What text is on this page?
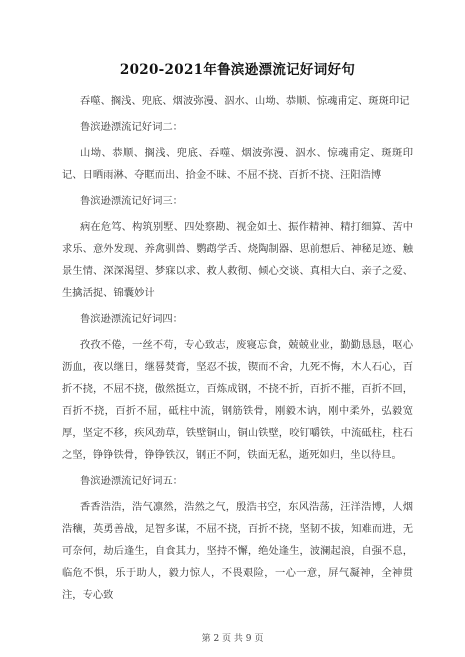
2020-2021年鲁滨逊漂流记好词好句

吞噬、搁浅、兜底、烟波弥漫、泅水、山坳、恭顺、惊魂甫定、斑斑印记

鲁滨逊漂流记好词二：

山坳、恭顺、搁浅、兜底、吞噬、烟波弥漫、泅水、惊魂甫定、斑斑印记、日晒雨淋、夺眶而出、拾金不昧、不屈不挠、百折不挠、汪阳浩博

鲁滨逊漂流记好词三：

病在危笃、构筑别墅、四处察勘、视金如土、振作精神、精打细算、苦中求乐、意外发现、养禽驯兽、鹦鹉学舌、烧陶制器、思前想后、神秘足迹、触景生情、深深渴望、梦寐以求、救人救彻、倾心交谈、真相大白、亲子之爱、生擒活捉、锦囊妙计

鲁滨逊漂流记好词四：

孜孜不倦，一丝不苟，专心致志，废寝忘食，兢兢业业，勤勤恳恳，呕心沥血，夜以继日，继晷焚膏，坚忍不拔，锲而不舍，九死不悔，木人石心，百折不挠，不屈不挠，傲然挺立，百炼成钢，不挠不折，百折不摧，百折不回，百折不挠，百折不屈，砥柱中流，钢筋铁骨，刚毅木讷，刚中柔外，弘毅宽厚，坚定不移，疾风劲草，铁壁铜山，铜山铁壁，咬钉嚼铁，中流砥柱，柱石之坚，铮铮铁骨，铮铮铁汉，钢正不阿，铁面无私，逝死如归，坐以待旦。

鲁滨逊漂流记好词五：

香香浩浩，浩气凛然，浩然之气，殷浩书空，东风浩荡，汪洋浩博，人烟浩穰，英勇善战，足智多谋，不屈不挠，百折不挠，坚韧不拔，知难而进，无可奈何，劫后逢生，自食其力，坚持不懈，绝处逢生，波澜起浪，自强不息，临危不惧，乐于助人，毅力惊人，不畏艰险，一心一意，屏气凝神，全神贯注，专心致

第 2 页 共 9 页
